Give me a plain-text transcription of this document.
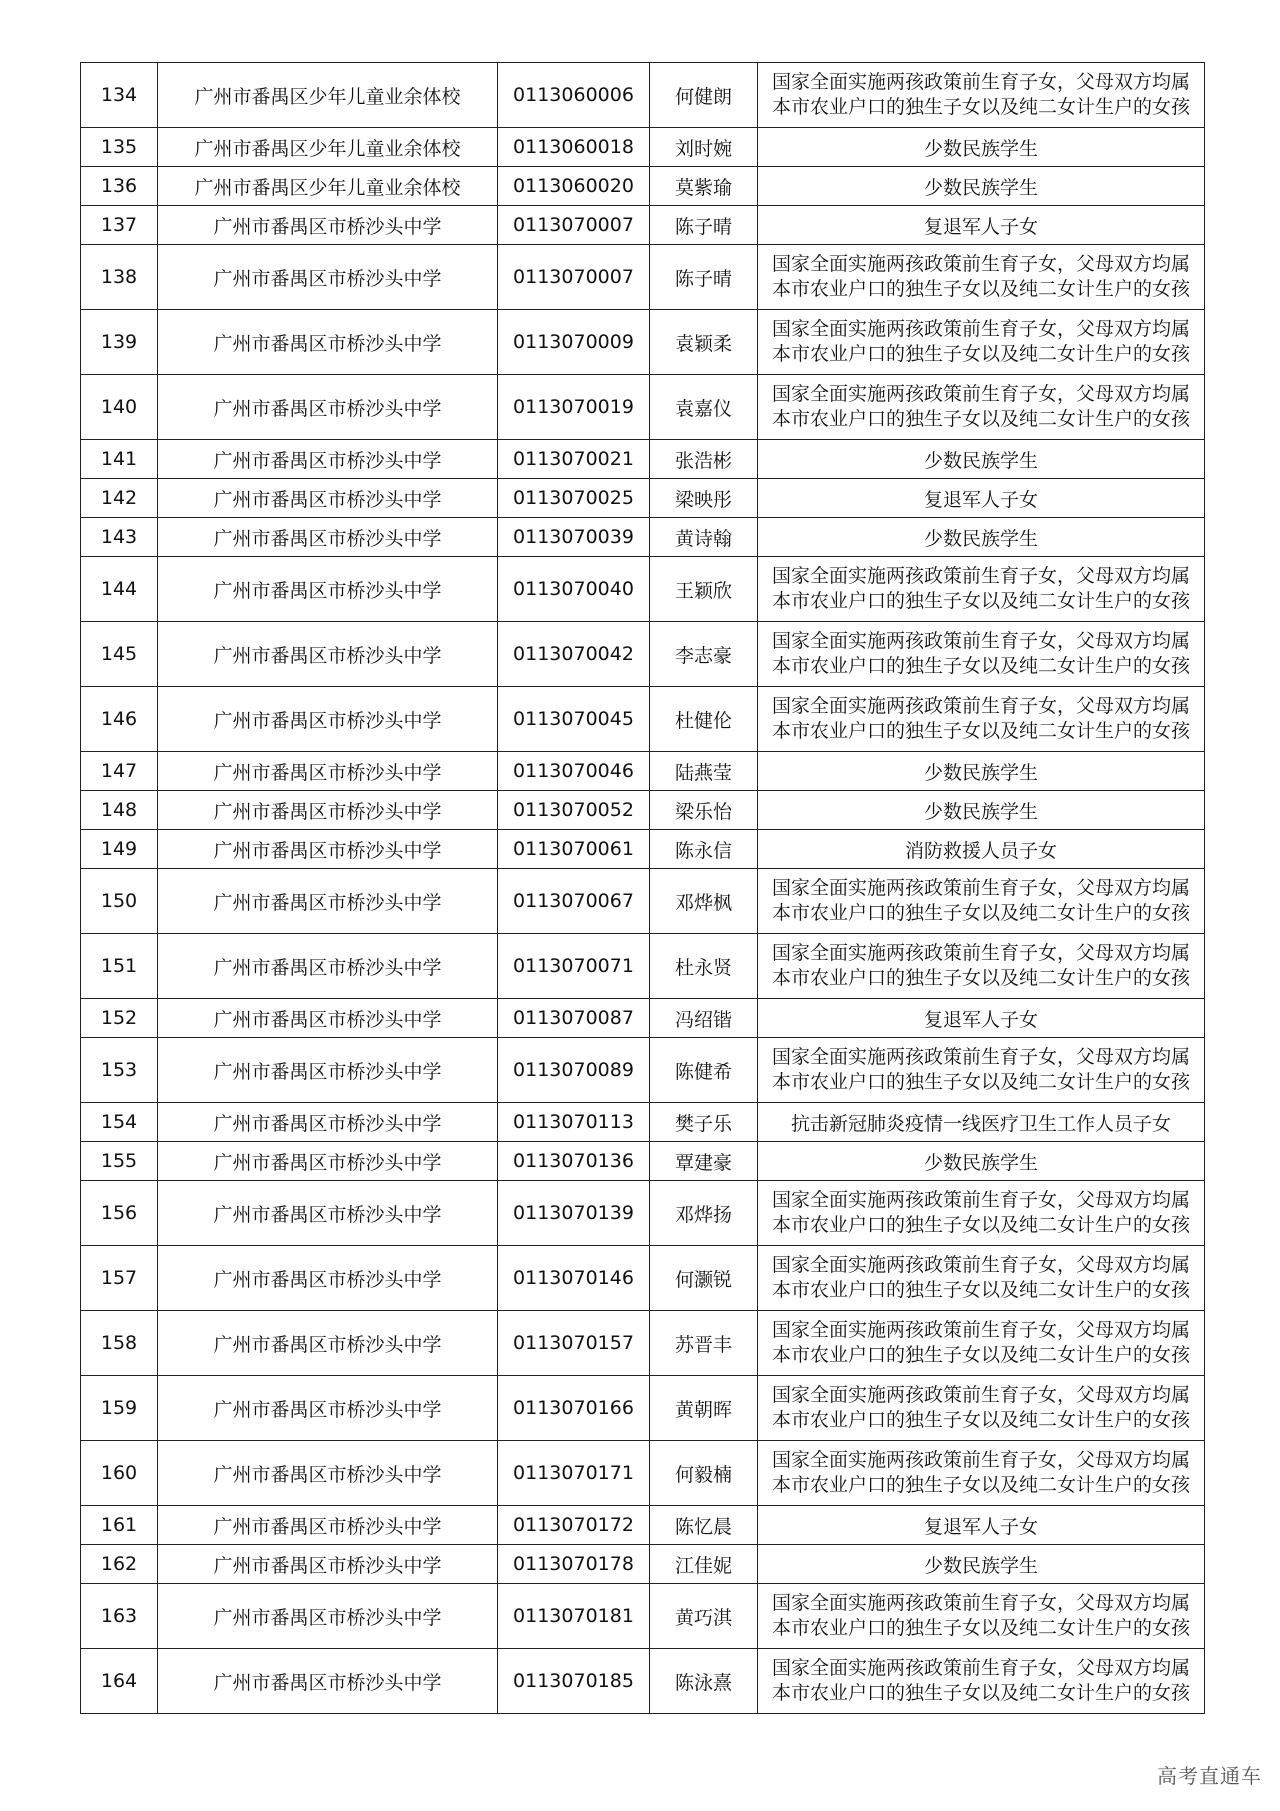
134	广州市番禺区少年儿童业余体校	0113060006	何健朗	国家全面实施两孩政策前生育子女，父母双方均属本市农业户口的独生子女以及纯二女计生户的女孩
135	广州市番禺区少年儿童业余体校	0113060018	刘时婉	少数民族学生
136	广州市番禺区少年儿童业余体校	0113060020	莫紫瑜	少数民族学生
137	广州市番禺区市桥沙头中学	0113070007	陈子晴	复退军人子女
138	广州市番禺区市桥沙头中学	0113070007	陈子晴	国家全面实施两孩政策前生育子女，父母双方均属本市农业户口的独生子女以及纯二女计生户的女孩
139	广州市番禺区市桥沙头中学	0113070009	袁颖柔	国家全面实施两孩政策前生育子女，父母双方均属本市农业户口的独生子女以及纯二女计生户的女孩
140	广州市番禺区市桥沙头中学	0113070019	袁嘉仪	国家全面实施两孩政策前生育子女，父母双方均属本市农业户口的独生子女以及纯二女计生户的女孩
141	广州市番禺区市桥沙头中学	0113070021	张浩彬	少数民族学生
142	广州市番禺区市桥沙头中学	0113070025	梁映彤	复退军人子女
143	广州市番禺区市桥沙头中学	0113070039	黄诗翰	少数民族学生
144	广州市番禺区市桥沙头中学	0113070040	王颖欣	国家全面实施两孩政策前生育子女，父母双方均属本市农业户口的独生子女以及纯二女计生户的女孩
145	广州市番禺区市桥沙头中学	0113070042	李志豪	国家全面实施两孩政策前生育子女，父母双方均属本市农业户口的独生子女以及纯二女计生户的女孩
146	广州市番禺区市桥沙头中学	0113070045	杜健伦	国家全面实施两孩政策前生育子女，父母双方均属本市农业户口的独生子女以及纯二女计生户的女孩
147	广州市番禺区市桥沙头中学	0113070046	陆燕莹	少数民族学生
148	广州市番禺区市桥沙头中学	0113070052	梁乐怡	少数民族学生
149	广州市番禺区市桥沙头中学	0113070061	陈永信	消防救援人员子女
150	广州市番禺区市桥沙头中学	0113070067	邓烨枫	国家全面实施两孩政策前生育子女，父母双方均属本市农业户口的独生子女以及纯二女计生户的女孩
151	广州市番禺区市桥沙头中学	0113070071	杜永贤	国家全面实施两孩政策前生育子女，父母双方均属本市农业户口的独生子女以及纯二女计生户的女孩
152	广州市番禺区市桥沙头中学	0113070087	冯绍锴	复退军人子女
153	广州市番禺区市桥沙头中学	0113070089	陈健希	国家全面实施两孩政策前生育子女，父母双方均属本市农业户口的独生子女以及纯二女计生户的女孩
154	广州市番禺区市桥沙头中学	0113070113	樊子乐	抗击新冠肺炎疫情一线医疗卫生工作人员子女
155	广州市番禺区市桥沙头中学	0113070136	覃建豪	少数民族学生
156	广州市番禺区市桥沙头中学	0113070139	邓烨扬	国家全面实施两孩政策前生育子女，父母双方均属本市农业户口的独生子女以及纯二女计生户的女孩
157	广州市番禺区市桥沙头中学	0113070146	何灏锐	国家全面实施两孩政策前生育子女，父母双方均属本市农业户口的独生子女以及纯二女计生户的女孩
158	广州市番禺区市桥沙头中学	0113070157	苏晋丰	国家全面实施两孩政策前生育子女，父母双方均属本市农业户口的独生子女以及纯二女计生户的女孩
159	广州市番禺区市桥沙头中学	0113070166	黄朝晖	国家全面实施两孩政策前生育子女，父母双方均属本市农业户口的独生子女以及纯二女计生户的女孩
160	广州市番禺区市桥沙头中学	0113070171	何毅楠	国家全面实施两孩政策前生育子女，父母双方均属本市农业户口的独生子女以及纯二女计生户的女孩
161	广州市番禺区市桥沙头中学	0113070172	陈忆晨	复退军人子女
162	广州市番禺区市桥沙头中学	0113070178	江佳妮	少数民族学生
163	广州市番禺区市桥沙头中学	0113070181	黄巧淇	国家全面实施两孩政策前生育子女，父母双方均属本市农业户口的独生子女以及纯二女计生户的女孩
164	广州市番禺区市桥沙头中学	0113070185	陈泳熹	国家全面实施两孩政策前生育子女，父母双方均属本市农业户口的独生子女以及纯二女计生户的女孩
高考直通车
